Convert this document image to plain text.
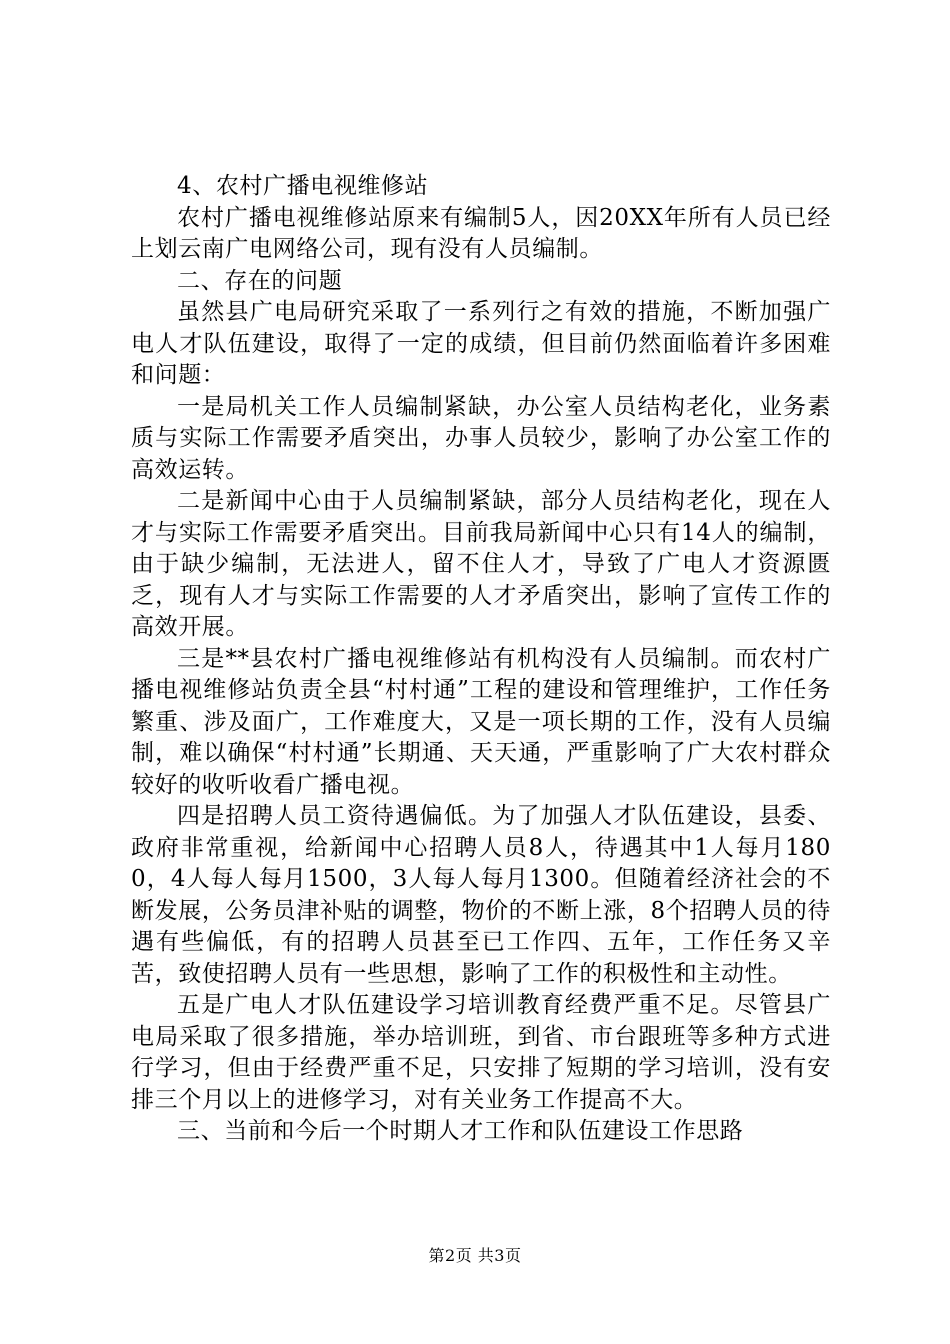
4、农村广播电视维修站

农村广播电视维修站原来有编制5人，因20XX年所有人员已经上划云南广电网络公司，现有没有人员编制。

二、存在的问题

虽然县广电局研究采取了一系列行之有效的措施，不断加强广电人才队伍建设，取得了一定的成绩，但目前仍然面临着许多困难和问题：

一是局机关工作人员编制紧缺，办公室人员结构老化，业务素质与实际工作需要矛盾突出，办事人员较少，影响了办公室工作的高效运转。

二是新闻中心由于人员编制紧缺，部分人员结构老化，现在人才与实际工作需要矛盾突出。目前我局新闻中心只有14人的编制，由于缺少编制，无法进人，留不住人才，导致了广电人才资源匮乏，现有人才与实际工作需要的人才矛盾突出，影响了宣传工作的高效开展。

三是**县农村广播电视维修站有机构没有人员编制。而农村广播电视维修站负责全县“村村通”工程的建设和管理维护，工作任务繁重、涉及面广，工作难度大，又是一项长期的工作，没有人员编制，难以确保“村村通”长期通、天天通，严重影响了广大农村群众较好的收听收看广播电视。

四是招聘人员工资待遇偏低。为了加强人才队伍建设，县委、政府非常重视，给新闻中心招聘人员8人，待遇其中1人每月1800，4人每人每月1500，3人每人每月1300。但随着经济社会的不断发展，公务员津补贴的调整，物价的不断上涨，8个招聘人员的待遇有些偏低，有的招聘人员甚至已工作四、五年，工作任务又辛苦，致使招聘人员有一些思想，影响了工作的积极性和主动性。

五是广电人才队伍建设学习培训教育经费严重不足。尽管县广电局采取了很多措施，举办培训班，到省、市台跟班等多种方式进行学习，但由于经费严重不足，只安排了短期的学习培训，没有安排三个月以上的进修学习，对有关业务工作提高不大。

三、当前和今后一个时期人才工作和队伍建设工作思路

第2页 共3页
